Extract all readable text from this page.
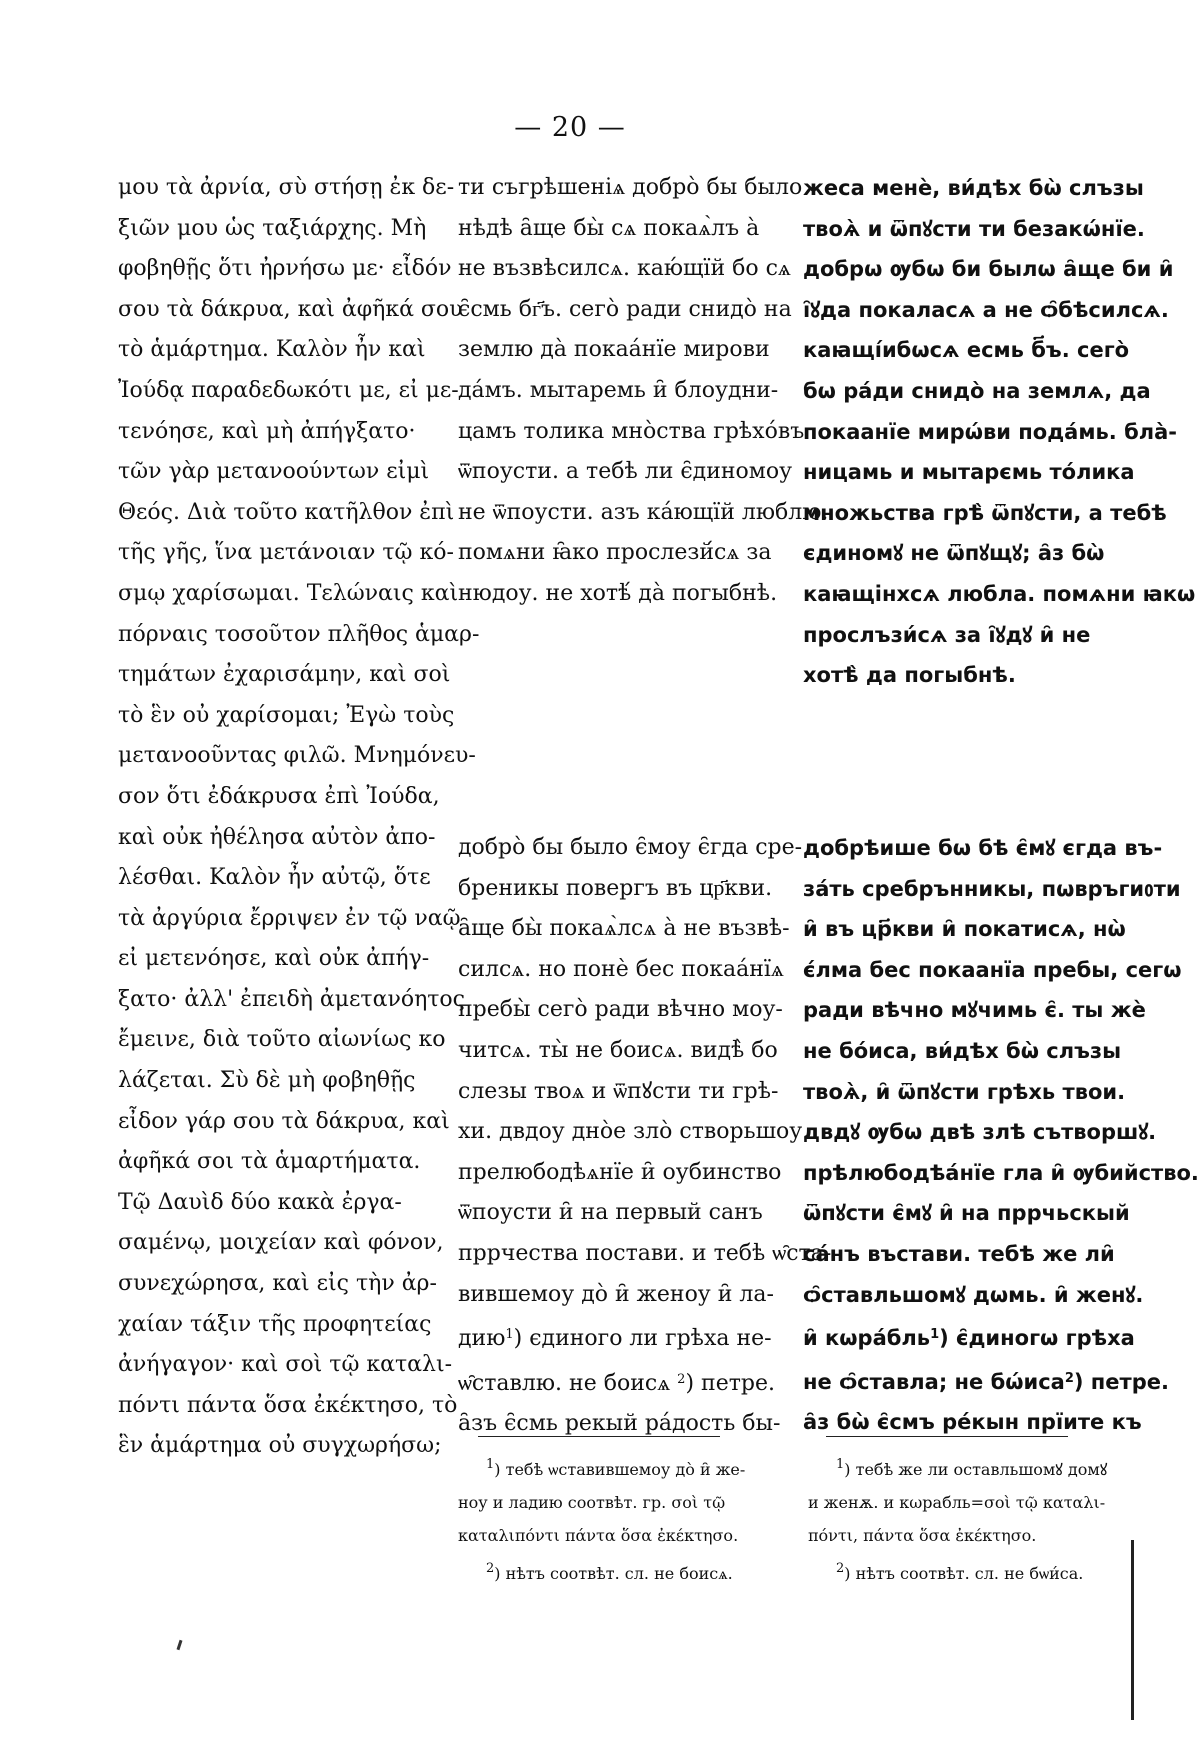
— 20 —
μου τὰ ἀρνία, σὺ στήσῃ ἐκ δε-
ξιῶν μου ὡς ταξιάρχης. Μὴ
φοβηθῇς ὅτι ἠρνήσω με· εἶδόν
σου τὰ δάκρυα, καὶ ἀφῆκά σου
τὸ ἁμάρτημα. Καλὸν ἦν καὶ
Ἰούδᾳ παραδεδωκότι με, εἰ με-
τενόησε, καὶ μὴ ἀπήγξατο·
τῶν γὰρ μετανοούντων εἰμὶ
Θεός. Διὰ τοῦτο κατῆλθον ἐπὶ
τῆς γῆς, ἵνα μετάνοιαν τῷ κό-
σμῳ χαρίσωμαι. Τελώναις καὶ
πόρναις τοσοῦτον πλῆθος ἁμαρ-
τημάτων ἐχαρισάμην, καὶ σοὶ
τὸ ἓν οὐ χαρίσομαι; Ἐγὼ τοὺς
μετανοοῦντας φιλῶ. Μνημόνευ-
σον ὅτι ἐδάκρυσα ἐπὶ Ἰούδα,
καὶ οὐκ ἠθέλησα αὐτὸν ἀπο-
λέσθαι. Καλὸν ἦν αὐτῷ, ὅτε
τὰ ἀργύρια ἔρριψεν ἐν τῷ ναῷ
εἰ μετενόησε, καὶ οὐκ ἀπήγ-
ξατο· ἀλλ' ἐπειδὴ ἀμετανόητος
ἔμεινε, διὰ τοῦτο αἰωνίως κο
λάζεται. Σὺ δὲ μὴ φοβηθῇς
εἶδον γάρ σου τὰ δάκρυα, καὶ
ἀφῆκά σοι τὰ ἁμαρτήματα.
Τῷ Δαυὶδ δύο κακὰ ἐργα-
σαμένῳ, μοιχείαν καὶ φόνον,
συνεχώρησα, καὶ εἰς τὴν ἀρ-
χαίαν τάξιν τῆς προφητείας
ἀνήγαγον· καὶ σοὶ τῷ καταλι-
πόντι πάντα ὅσα ἐκέκτησο, τὸ
ἓν ἁμάρτημα οὐ συγχωρήσω;
ти съгрѣшеніѧ добро̀ бы было
нѣдѣ а̑ще бы̀ сѧ покаѧ̀лъ а̀
не възвѣсилсѧ. каю́щїй бо сѧ
є̑смь бг҃ъ. сего̀ ради снидо̀ на
землю да̀ покаа́нїе мирови
да́мъ. мытаремь и̑ блоудни-
цамъ толика мно̀ства грѣхо́въ
ѿпоусти. а тебѣ ли є̑диномоу
не ѿпоусти. азъ ка́ющїй люблю.
помѧни ꙗ̑ко прослезй́сѧ за
нюдоу. не хотѣ́ да̀ погыбнѣ.
жеса менѐ, ви́дѣх бѡ̀ слъзы
твоѧ̀ и ѿпꙋсти ти безакѡ́нїе.
добрѡ ѹбѡ би былѡ а̑ще би и̑
і̑ꙋда покаласѧ а не ѻ̑бѣсилсѧ.
каꙗщі́ибѡсѧ есмь б҃ъ. сего̀
бѡ ра́ди снидо̀ на землѧ, да
покаанїе мирѡ́ви пода́мь. бла̀-
ницамь и мытарємь то́лика
множьства грѣ̀ ѿпꙋсти, а тебѣ
єдиномꙋ не ѿпꙋщꙋ; а̑з бѡ̀
каꙗщінхсѧ любла. помѧни ꙗкѡ
прослъзи́сѧ за і̑ꙋдꙋ и̑ не
хотѣ̀ да погыбнѣ.
добро̀ бы было є̑моу є̑гда сре-
бреникы повергъ въ цр҃кви.
а̑ще бы̀ покаѧ̀лсѧ а̀ не възвѣ-
силсѧ. но понѐ бес покаа́нїѧ
пребы̀ сего̀ ради вѣчно моу-
читсѧ. ты̀ не боисѧ. видѣ̀ бо
слезы твоѧ и ѿпꙋсти ти грѣ-
хи. двдоу дно̀е зло̀ створьшоу.
прелюбодѣѧнїе и̑ оубинство
ѿпоусти и̑ на первый санъ
пррчества постави. и тебѣ ѡ̑ста-
вившемоу до̀ и̑ женоу и̑ ла-
дию$^1$) єдиного ли грѣха не-
ѡ̑ставлю. не боисѧ $^2$) петре.
а̑зъ є̑смь рекый ра́дость бы-
добрѣише бѡ бѣ є̑мꙋ єгда въ-
за́ть сребрънникы, пωвръгиᲂти
и̑ въ цр҃кви и̑ покатисѧ, нѡ̀
є́лма бес покаанїа пребы, сегѡ
ради вѣчно мꙋчимь є̑. ты жѐ
не бо́иса, ви́дѣх бѡ̀ слъзы
твоѧ̀, и̑ ѿпꙋсти грѣхь твои.
двдꙋ ѹбѡ двѣ злѣ сътворшꙋ.
прѣлюбодѣа́нїе гла и̑ ѹбийство.
ѿпꙋсти є̑мꙋ и̑ на пррчьскый
са́нъ въстави. тебѣ же ли̑
ѻ̑ставльшомꙋ дѡмь. и̑ женꙋ.
и̑ кѡра́бль$^1$) є̑диногѡ грѣха
не ѻ̑ставла; не бѡ́иса$^2$) петре.
а̑з бѡ̀ є̑смъ ре́кын прїите къ
$^1$) тебѣ ѡставившемоу до̀ и̑ же-
ноу и ладию соотвѣт. гр. σοὶ τῷ
καταλιπόντι πάντα ὅσα ἐκέκτησο.
$^2$) нѣтъ соотвѣт. сл. не боисѧ.
$^1$) тебѣ же ли оставльшомꙋ домꙋ
и женѫ. и кωрабль=σοὶ τῷ καταλι-
πόντι, πάντα ὅσα ἐκέκτησο.
$^2$) нѣтъ соотвѣт. сл. не бѡи́са.
